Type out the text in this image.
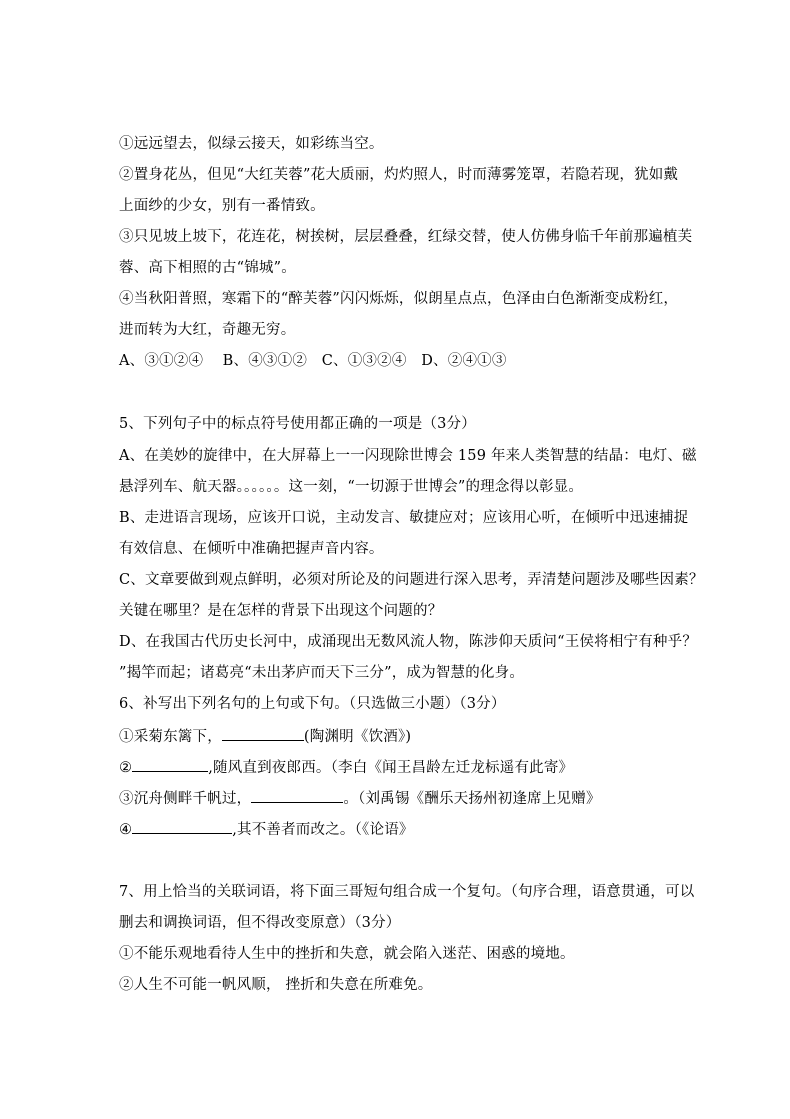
①远远望去，似绿云接天，如彩练当空。
②置身花丛，但见“大红芙蓉”花大质丽，灼灼照人，时而薄雾笼罩，若隐若现，犹如戴
上面纱的少女，别有一番情致。
③只见坡上坡下，花连花，树挨树，层层叠叠，红绿交替，使人仿佛身临千年前那遍植芙
蓉、高下相照的古“锦城”。
④当秋阳普照，寒霜下的“醉芙蓉”闪闪烁烁，似朗星点点，色泽由白色渐渐变成粉红，
进而转为大红，奇趣无穷。
A、③①②④　 B、④③①②　C、①③②④　D、②④①③
5、下列句子中的标点符号使用都正确的一项是（3分）
A、在美妙的旋律中，在大屏幕上一一闪现除世博会 159 年来人类智慧的结晶：电灯、磁
悬浮列车、航天器。。。。。。这一刻，“一切源于世博会”的理念得以彰显。
B、走进语言现场，应该开口说，主动发言、敏捷应对；应该用心听，在倾听中迅速捕捉
有效信息、在倾听中准确把握声音内容。
C、文章要做到观点鲜明，必须对所论及的问题进行深入思考，弄清楚问题涉及哪些因素？
关键在哪里？是在怎样的背景下出现这个问题的？
D、在我国古代历史长河中，成涌现出无数风流人物，陈涉仰天质问“王侯将相宁有种乎？
”揭竿而起；诸葛亮“未出茅庐而天下三分”，成为智慧的化身。
6、补写出下列名句的上句或下句。（只选做三小题）（3分）
①采菊东篱下，	(陶渊明《饮酒》)
②	,随风直到夜郎西。（李白《闻王昌龄左迁龙标遥有此寄》
③沉舟侧畔千帆过，	。（刘禹锡《酬乐天扬州初逢席上见赠》
④	,其不善者而改之。（《论语》
7、用上恰当的关联词语，将下面三哥短句组合成一个复句。（句序合理，语意贯通，可以
删去和调换词语，但不得改变原意）（3分）
①不能乐观地看待人生中的挫折和失意，就会陷入迷茫、困惑的境地。
②人生不可能一帆风顺， 挫折和失意在所难免。
